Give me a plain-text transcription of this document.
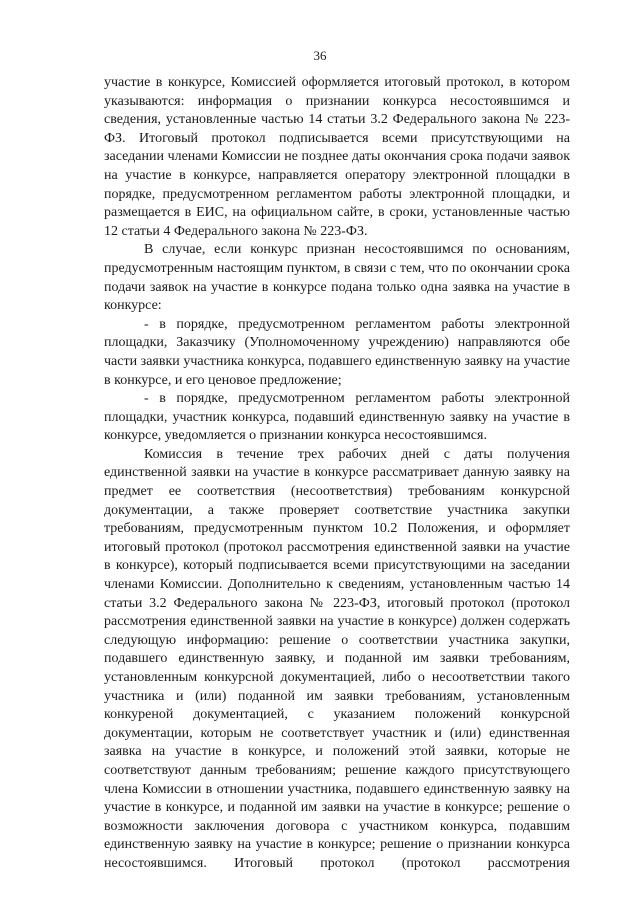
36

участие в конкурсе, Комиссией оформляется итоговый протокол, в котором указываются: информация о признании конкурса несостоявшимся и сведения, установленные частью 14 статьи 3.2 Федерального закона № 223-ФЗ. Итоговый протокол подписывается всеми присутствующими на заседании членами Комиссии не позднее даты окончания срока подачи заявок на участие в конкурсе, направляется оператору электронной площадки в порядке, предусмотренном регламентом работы электронной площадки, и размещается в ЕИС, на официальном сайте, в сроки, установленные частью 12 статьи 4 Федерального закона № 223-ФЗ.

В случае, если конкурс признан несостоявшимся по основаниям, предусмотренным настоящим пунктом, в связи с тем, что по окончании срока подачи заявок на участие в конкурсе подана только одна заявка на участие в конкурсе:

- в порядке, предусмотренном регламентом работы электронной площадки, Заказчику (Уполномоченному учреждению) направляются обе части заявки участника конкурса, подавшего единственную заявку на участие в конкурсе, и его ценовое предложение;

- в порядке, предусмотренном регламентом работы электронной площадки, участник конкурса, подавший единственную заявку на участие в конкурсе, уведомляется о признании конкурса несостоявшимся.

Комиссия в течение трех рабочих дней с даты получения единственной заявки на участие в конкурсе рассматривает данную заявку на предмет ее соответствия (несоответствия) требованиям конкурсной документации, а также проверяет соответствие участника закупки требованиям, предусмотренным пунктом 10.2 Положения, и оформляет итоговый протокол (протокол рассмотрения единственной заявки на участие в конкурсе), который подписывается всеми присутствующими на заседании членами Комиссии. Дополнительно к сведениям, установленным частью 14 статьи 3.2 Федерального закона № 223-ФЗ, итоговый протокол (протокол рассмотрения единственной заявки на участие в конкурсе) должен содержать следующую информацию: решение о соответствии участника закупки, подавшего единственную заявку, и поданной им заявки требованиям, установленным конкурсной документацией, либо о несоответствии такого участника и (или) поданной им заявки требованиям, установленным конкуреной документацией, с указанием положений конкурсной документации, которым не соответствует участник и (или) единственная заявка на участие в конкурсе, и положений этой заявки, которые не соответствуют данным требованиям; решение каждого присутствующего члена Комиссии в отношении участника, подавшего единственную заявку на участие в конкурсе, и поданной им заявки на участие в конкурсе; решение о возможности заключения договора с участником конкурса, подавшим единственную заявку на участие в конкурсе; решение о признании конкурса несостоявшимся. Итоговый протокол (протокол рассмотрения
